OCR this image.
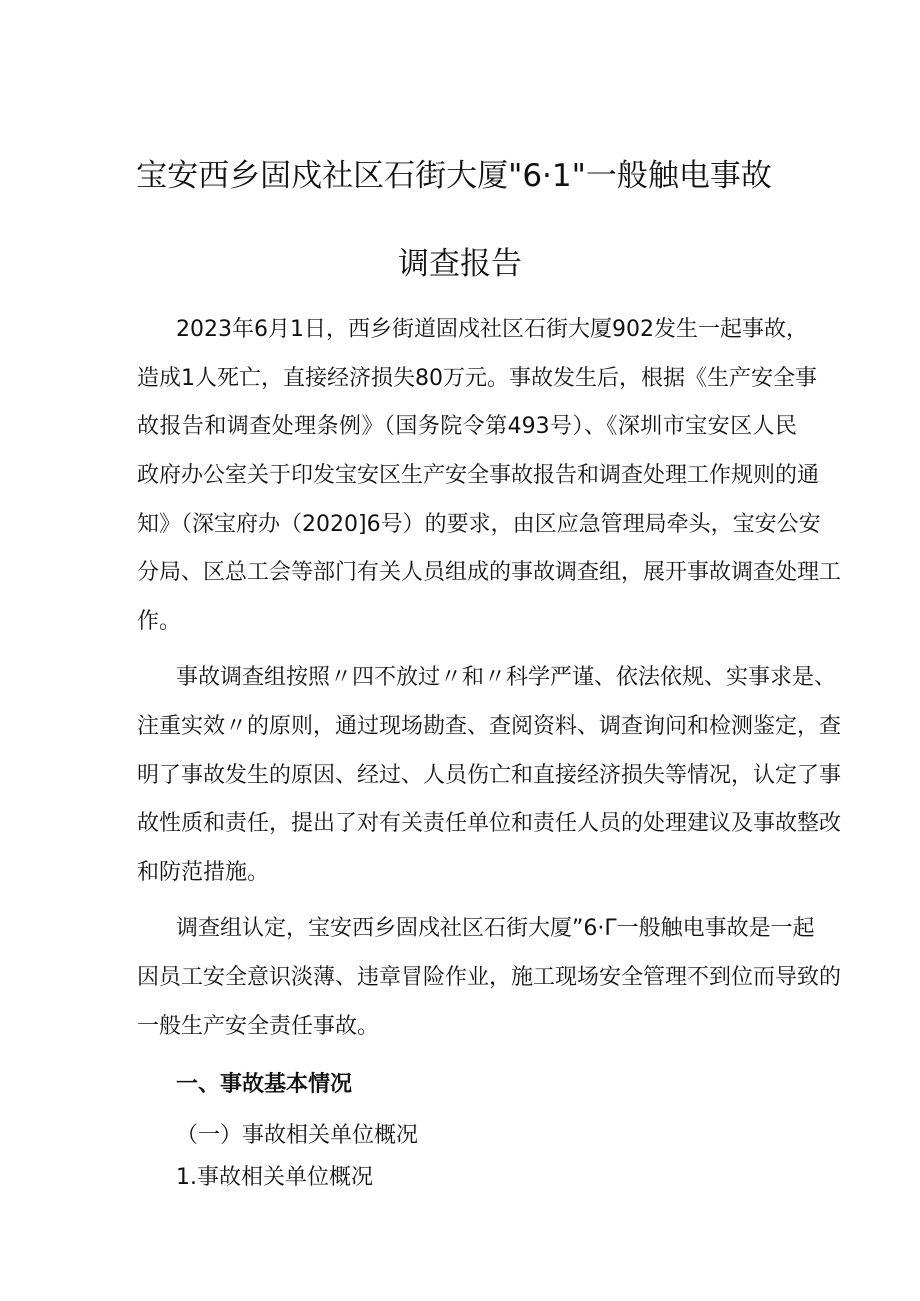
宝安西乡固戍社区石街大厦"6·1"一般触电事故
调查报告
2023年6月1日，西乡街道固戍社区石街大厦902发生一起事故，
造成1人死亡，直接经济损失80万元。事故发生后，根据《生产安全事
故报告和调查处理条例》（国务院令第493号）、《深圳市宝安区人民
政府办公室关于印发宝安区生产安全事故报告和调查处理工作规则的通
知》（深宝府办（2020]6号）的要求，由区应急管理局牵头，宝安公安
分局、区总工会等部门有关人员组成的事故调查组，展开事故调查处理工
作。
事故调查组按照〃四不放过〃和〃科学严谨、依法依规、实事求是、
注重实效〃的原则，通过现场勘查、查阅资料、调查询问和检测鉴定，查
明了事故发生的原因、经过、人员伤亡和直接经济损失等情况，认定了事
故性质和责任，提出了对有关责任单位和责任人员的处理建议及事故整改
和防范措施。
调查组认定，宝安西乡固戍社区石街大厦”6·Γ一般触电事故是一起
因员工安全意识淡薄、违章冒险作业，施工现场安全管理不到位而导致的
一般生产安全责任事故。
一、事故基本情况
（一）事故相关单位概况
1.事故相关单位概况
